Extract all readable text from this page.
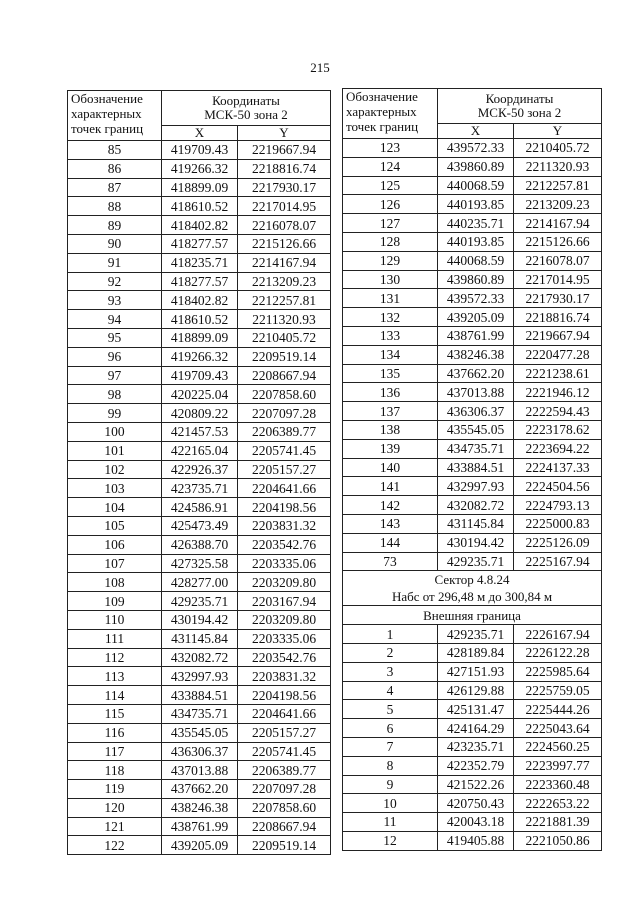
215
Обозначение
характерных
точек границ	Координаты
МСК-50 зона 2	
	X	Y
85	419709.43	2219667.94
86	419266.32	2218816.74
87	418899.09	2217930.17
88	418610.52	2217014.95
89	418402.82	2216078.07
90	418277.57	2215126.66
91	418235.71	2214167.94
92	418277.57	2213209.23
93	418402.82	2212257.81
94	418610.52	2211320.93
95	418899.09	2210405.72
96	419266.32	2209519.14
97	419709.43	2208667.94
98	420225.04	2207858.60
99	420809.22	2207097.28
100	421457.53	2206389.77
101	422165.04	2205741.45
102	422926.37	2205157.27
103	423735.71	2204641.66
104	424586.91	2204198.56
105	425473.49	2203831.32
106	426388.70	2203542.76
107	427325.58	2203335.06
108	428277.00	2203209.80
109	429235.71	2203167.94
110	430194.42	2203209.80
111	431145.84	2203335.06
112	432082.72	2203542.76
113	432997.93	2203831.32
114	433884.51	2204198.56
115	434735.71	2204641.66
116	435545.05	2205157.27
117	436306.37	2205741.45
118	437013.88	2206389.77
119	437662.20	2207097.28
120	438246.38	2207858.60
121	438761.99	2208667.94
122	439205.09	2209519.14
Обозначение
характерных
точек границ	Координаты
МСК-50 зона 2	
	X	Y
123	439572.33	2210405.72
124	439860.89	2211320.93
125	440068.59	2212257.81
126	440193.85	2213209.23
127	440235.71	2214167.94
128	440193.85	2215126.66
129	440068.59	2216078.07
130	439860.89	2217014.95
131	439572.33	2217930.17
132	439205.09	2218816.74
133	438761.99	2219667.94
134	438246.38	2220477.28
135	437662.20	2221238.61
136	437013.88	2221946.12
137	436306.37	2222594.43
138	435545.05	2223178.62
139	434735.71	2223694.22
140	433884.51	2224137.33
141	432997.93	2224504.56
142	432082.72	2224793.13
143	431145.84	2225000.83
144	430194.42	2225126.09
73	429235.71	2225167.94
Сектор 4.8.24
Набс от 296,48 м до 300,84 м		
Внешняя граница		
1	429235.71	2226167.94
2	428189.84	2226122.28
3	427151.93	2225985.64
4	426129.88	2225759.05
5	425131.47	2225444.26
6	424164.29	2225043.64
7	423235.71	2224560.25
8	422352.79	2223997.77
9	421522.26	2223360.48
10	420750.43	2222653.22
11	420043.18	2221881.39
12	419405.88	2221050.86
